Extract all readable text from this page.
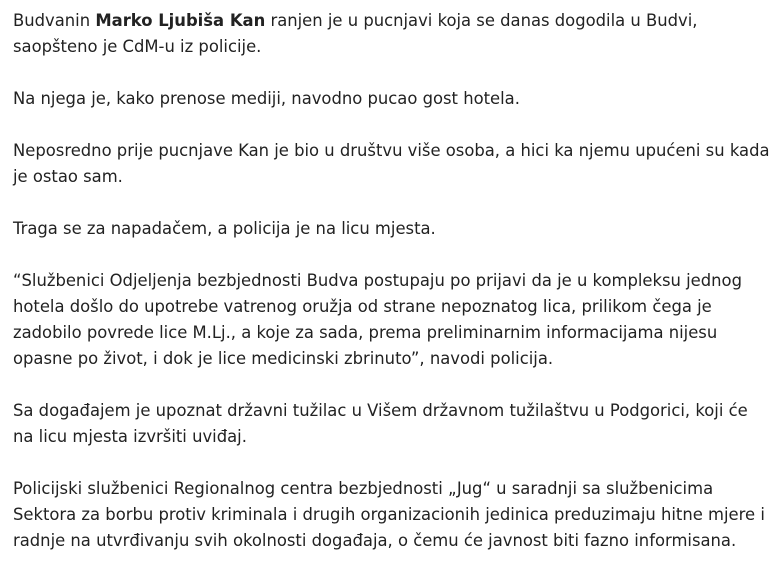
Budvanin Marko Ljubiša Kan ranjen je u pucnjavi koja se danas dogodila u Budvi, saopšteno je CdM-u iz policije.

Na njega je, kako prenose mediji, navodno pucao gost hotela.

Neposredno prije pucnjave Kan je bio u društvu više osoba, a hici ka njemu upućeni su kada je ostao sam.

Traga se za napadačem, a policija je na licu mjesta.

“Službenici Odjeljenja bezbjednosti Budva postupaju po prijavi da je u kompleksu jednog hotela došlo do upotrebe vatrenog oružja od strane nepoznatog lica, prilikom čega je zadobilo povrede lice M.Lj., a koje za sada, prema preliminarnim informacijama nijesu opasne po život, i dok je lice medicinski zbrinuto”, navodi policija.

Sa događajem je upoznat državni tužilac u Višem državnom tužilaštvu u Podgorici, koji će na licu mjesta izvršiti uviđaj.

Policijski službenici Regionalnog centra bezbjednosti „Jug“ u saradnji sa službenicima Sektora za borbu protiv kriminala i drugih organizacionih jedinica preduzimaju hitne mjere i radnje na utvrđivanju svih okolnosti događaja, o čemu će javnost biti fazno informisana.
